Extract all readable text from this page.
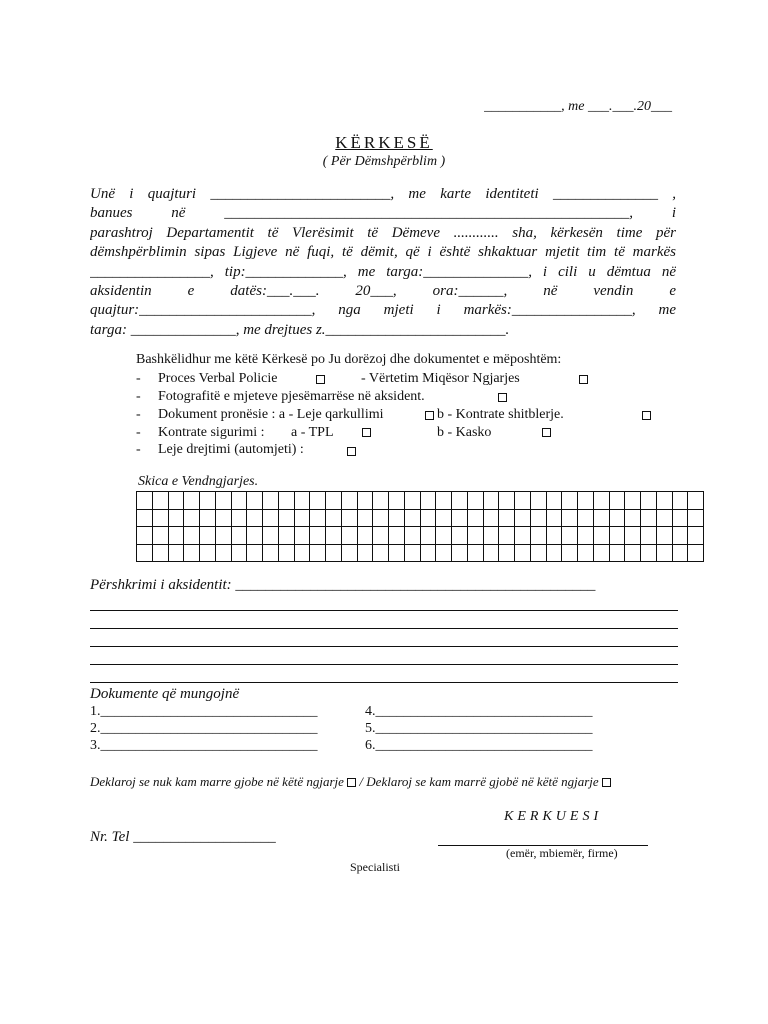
___________, me ___.___.20___
KËRKESË
( Për Dëmshpërblim )
Unë i quajturi ________________________, me karte identiteti ______________ ,
banues në ______________________________________________________, i
parashtroj Departamentit të Vlerësimit të Dëmeve ............ sha, kërkesën time për
dëmshpërblimin sipas Ligjeve në fuqi, të dëmit, që i është shkaktuar mjetit tim të markës
________________, tip:_____________, me targa:______________, i cili u dëmtua në
aksidentin e datës:___.___. 20___, ora:______, në vendin e
quajtur:_______________________, nga mjeti i markës:________________, me
targa: ______________, me drejtues z.________________________.
Bashkëlidhur me këtë Kërkesë po Ju dorëzoj dhe dokumentet e mëposhtëm:
- Proces Verbal Policie	- Vërtetim Miqësor Ngjarjes
- Fotografitë e mjeteve pjesëmarrëse në aksident.
- Dokument pronësie : a - Leje qarkullimi	b - Kontrate shitblerje.
- Kontrate sigurimi : a - TPL	b - Kasko
- Leje drejtimi (automjeti) :
Skica e Vendngjarjes.

Përshkrimi i aksidentit: ________________________________________________
Dokumente që mungojnë
1._______________________________
2._______________________________
3._______________________________
4._______________________________
5._______________________________
6._______________________________
Deklaroj se nuk kam marre gjobe në këtë ngjarje / Deklaroj se kam marrë gjobë në këtë ngjarje
KERKUESI
Nr. Tel ___________________
(emër, mbiemër, firme)
Specialisti
